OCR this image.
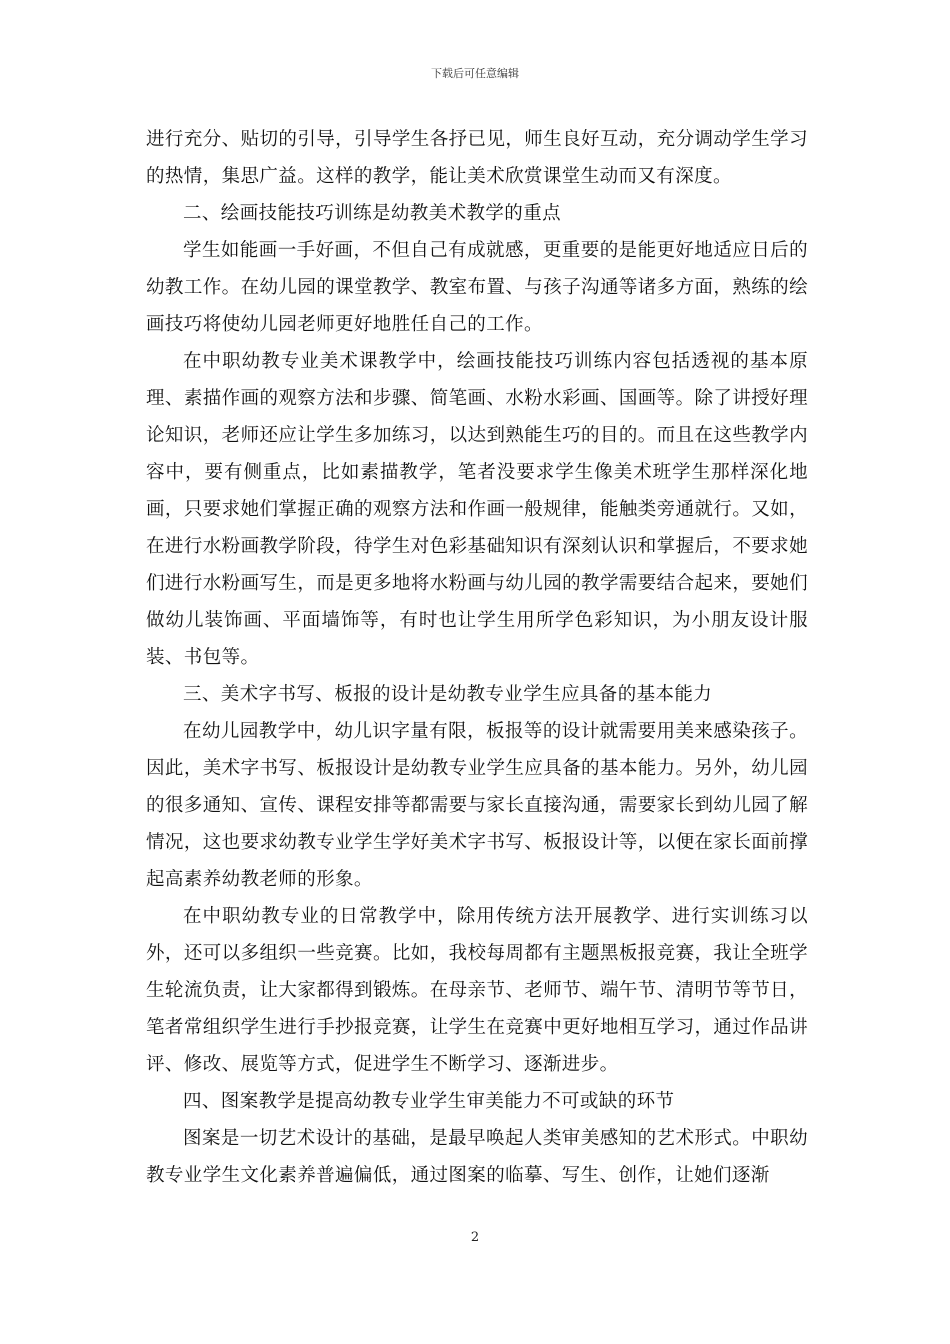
下载后可任意编辑

进行充分、贴切的引导，引导学生各抒已见，师生良好互动，充分调动学生学习的热情，集思广益。这样的教学，能让美术欣赏课堂生动而又有深度。

二、绘画技能技巧训练是幼教美术教学的重点

学生如能画一手好画，不但自己有成就感，更重要的是能更好地适应日后的幼教工作。在幼儿园的课堂教学、教室布置、与孩子沟通等诸多方面，熟练的绘画技巧将使幼儿园老师更好地胜任自己的工作。

在中职幼教专业美术课教学中，绘画技能技巧训练内容包括透视的基本原理、素描作画的观察方法和步骤、简笔画、水粉水彩画、国画等。除了讲授好理论知识，老师还应让学生多加练习，以达到熟能生巧的目的。而且在这些教学内容中，要有侧重点，比如素描教学，笔者没要求学生像美术班学生那样深化地画，只要求她们掌握正确的观察方法和作画一般规律，能触类旁通就行。又如，在进行水粉画教学阶段，待学生对色彩基础知识有深刻认识和掌握后，不要求她们进行水粉画写生，而是更多地将水粉画与幼儿园的教学需要结合起来，要她们做幼儿装饰画、平面墙饰等，有时也让学生用所学色彩知识，为小朋友设计服装、书包等。

三、美术字书写、板报的设计是幼教专业学生应具备的基本能力

在幼儿园教学中，幼儿识字量有限，板报等的设计就需要用美来感染孩子。因此，美术字书写、板报设计是幼教专业学生应具备的基本能力。另外，幼儿园的很多通知、宣传、课程安排等都需要与家长直接沟通，需要家长到幼儿园了解情况，这也要求幼教专业学生学好美术字书写、板报设计等，以便在家长面前撑起高素养幼教老师的形象。

在中职幼教专业的日常教学中，除用传统方法开展教学、进行实训练习以外，还可以多组织一些竞赛。比如，我校每周都有主题黑板报竞赛，我让全班学生轮流负责，让大家都得到锻炼。在母亲节、老师节、端午节、清明节等节日，笔者常组织学生进行手抄报竞赛，让学生在竞赛中更好地相互学习，通过作品讲评、修改、展览等方式，促进学生不断学习、逐渐进步。

四、图案教学是提高幼教专业学生审美能力不可或缺的环节

图案是一切艺术设计的基础，是最早唤起人类审美感知的艺术形式。中职幼教专业学生文化素养普遍偏低，通过图案的临摹、写生、创作，让她们逐渐

2
